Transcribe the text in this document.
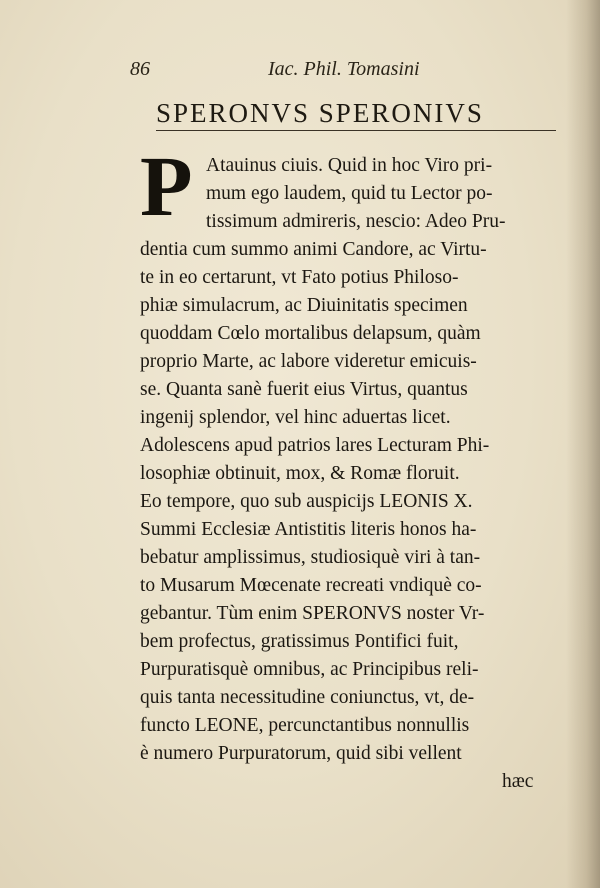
86	Iac. Phil. Tomasini
SPERONVS SPERONIVS
P Atauinus ciuis. Quid in hoc Viro pri-
mum ego laudem, quid tu Lector po-
tissimum admireris, nescio: Adeo Pru-
dentia cum summo animi Candore, ac Virtu-
te in eo certarunt, vt Fato potius Philoso-
phiæ simulacrum, ac Diuinitatis specimen
quoddam Cœlo mortalibus delapsum, quàm
proprio Marte, ac labore videretur emicuis-
se. Quanta sanè fuerit eius Virtus, quantus
ingenij splendor, vel hinc aduertas licet.
Adolescens apud patrios lares Lecturam Phi-
losophiæ obtinuit, mox, & Romæ floruit.
Eo tempore, quo sub auspicijs LEONIS X.
Summi Ecclesiæ Antistitis literis honos ha-
bebatur amplissimus, studiosiquè viri à tan-
to Musarum Mœcenate recreati vndiquè co-
gebantur. Tùm enim SPERONVS noster Vr-
bem profectus, gratissimus Pontifici fuit,
Purpuratisquè omnibus, ac Principibus reli-
quis tanta necessitudine coniunctus, vt, de-
functo LEONE, percunctantibus nonnullis
è numero Purpuratorum, quid sibi vellent
hæc
